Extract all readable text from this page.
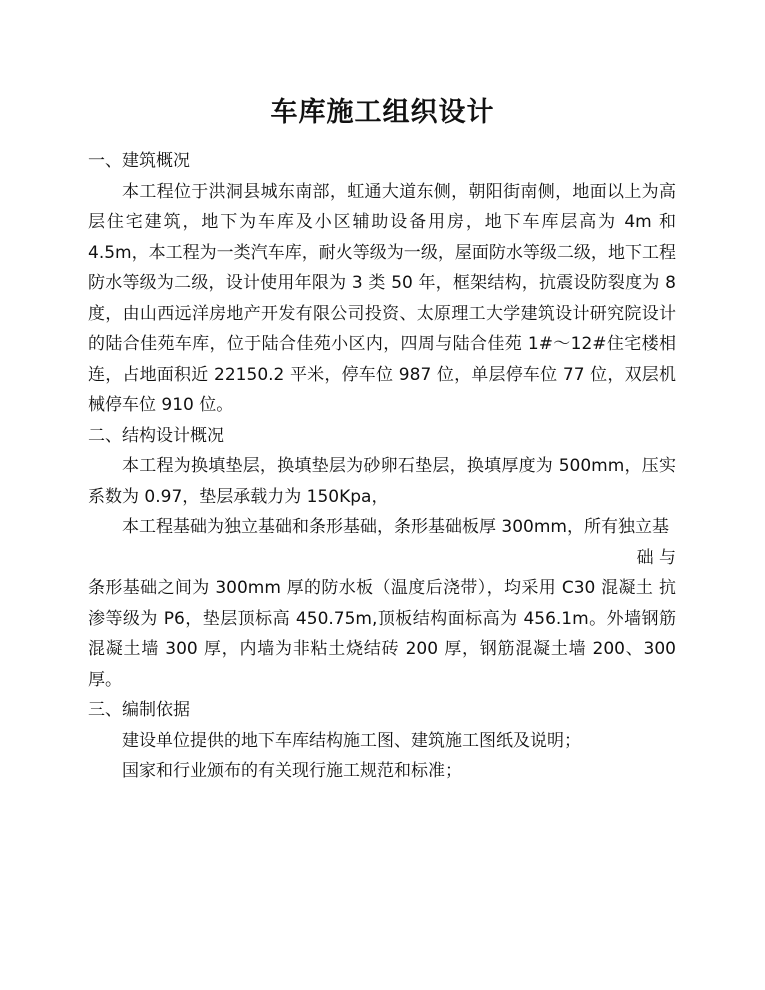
车库施工组织设计

一、建筑概况

本工程位于洪洞县城东南部，虹通大道东侧，朝阳街南侧，地面以上为高层住宅建筑，地下为车库及小区辅助设备用房，地下车库层高为 4m 和 4.5m，本工程为一类汽车库，耐火等级为一级，屋面防水等级二级，地下工程防水等级为二级，设计使用年限为 3 类 50 年，框架结构，抗震设防裂度为 8 度，由山西远洋房地产开发有限公司投资、太原理工大学建筑设计研究院设计的陆合佳苑车库，位于陆合佳苑小区内，四周与陆合佳苑 1#～12#住宅楼相连，占地面积近 22150.2 平米，停车位 987 位，单层停车位 77 位，双层机械停车位 910 位。

二、结构设计概况

本工程为换填垫层，换填垫层为砂卵石垫层，换填厚度为 500mm，压实系数为 0.97，垫层承载力为 150Kpa，

本工程基础为独立基础和条形基础，条形基础板厚 300mm，所有独立基

础 与

条形基础之间为 300mm 厚的防水板（温度后浇带），均采用 C30 混凝土 抗渗等级为 P6，垫层顶标高 450.75m,顶板结构面标高为 456.1m。外墙钢筋混凝土墙 300 厚，内墙为非粘土烧结砖 200 厚，钢筋混凝土墙 200、300 厚。

三、编制依据

建设单位提供的地下车库结构施工图、建筑施工图纸及说明；

国家和行业颁布的有关现行施工规范和标准；
